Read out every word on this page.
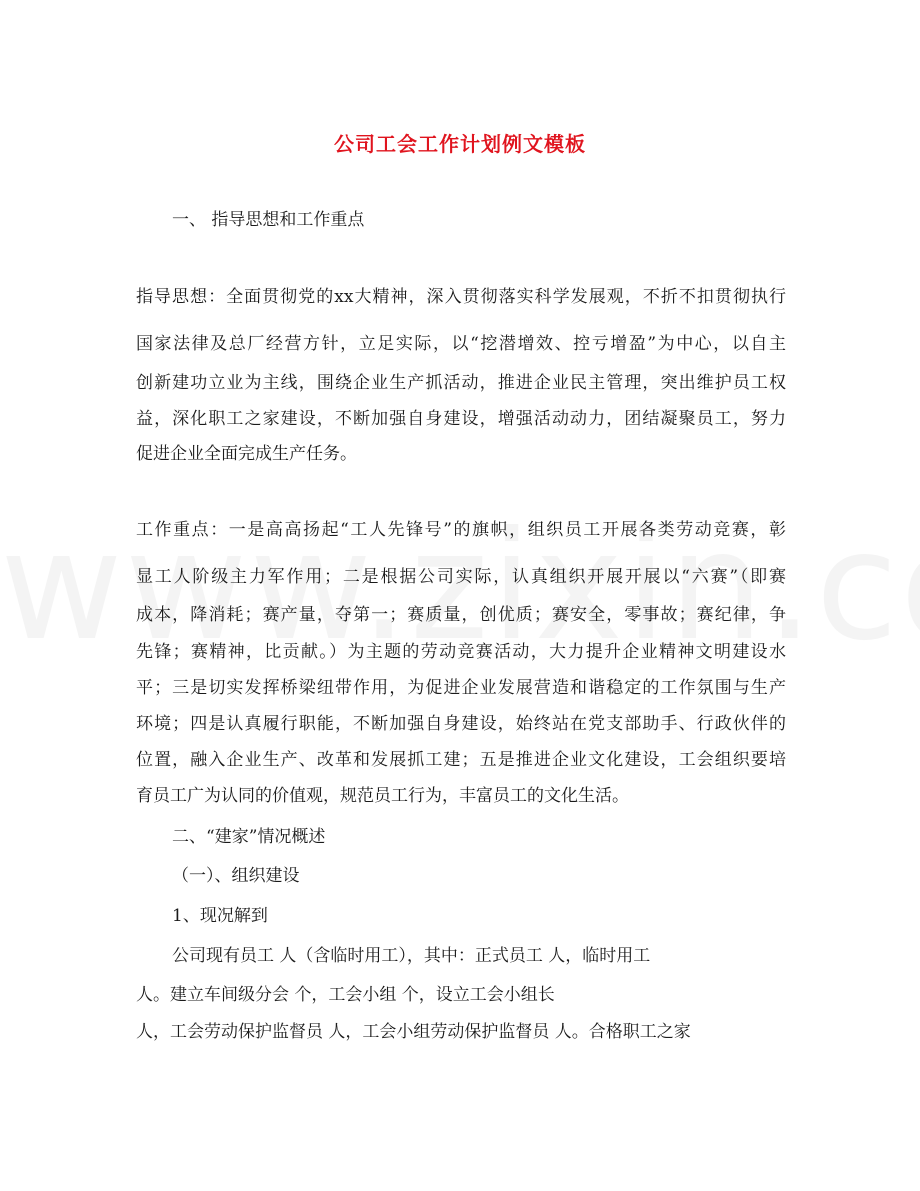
公司工会工作计划例文模板
一、 指导思想和工作重点
指导思想：全面贯彻党的xx大精神，深入贯彻落实科学发展观，不折不扣贯彻执行
国家法律及总厂经营方针，立足实际，以“挖潜增效、控亏增盈”为中心，以自主
创新建功立业为主线，围绕企业生产抓活动，推进企业民主管理，突出维护员工权
益，深化职工之家建设，不断加强自身建设，增强活动动力，团结凝聚员工，努力
促进企业全面完成生产任务。
工作重点：一是高高扬起“工人先锋号”的旗帜，组织员工开展各类劳动竞赛，彰
显工人阶级主力军作用；二是根据公司实际，认真组织开展开展以“六赛”（即赛
成本，降消耗；赛产量，夺第一；赛质量，创优质；赛安全，零事故；赛纪律，争
先锋；赛精神，比贡献。）为主题的劳动竞赛活动，大力提升企业精神文明建设水
平；三是切实发挥桥梁纽带作用，为促进企业发展营造和谐稳定的工作氛围与生产
环境；四是认真履行职能，不断加强自身建设，始终站在党支部助手、行政伙伴的
位置，融入企业生产、改革和发展抓工建；五是推进企业文化建设，工会组织要培
育员工广为认同的价值观，规范员工行为，丰富员工的文化生活。
二、“建家”情况概述
（一）、组织建设
1、现况解到
公司现有员工 人（含临时用工），其中：正式员工 人，临时用工
人。建立车间级分会 个，工会小组 个，设立工会小组长
人，工会劳动保护监督员 人，工会小组劳动保护监督员 人。合格职工之家
